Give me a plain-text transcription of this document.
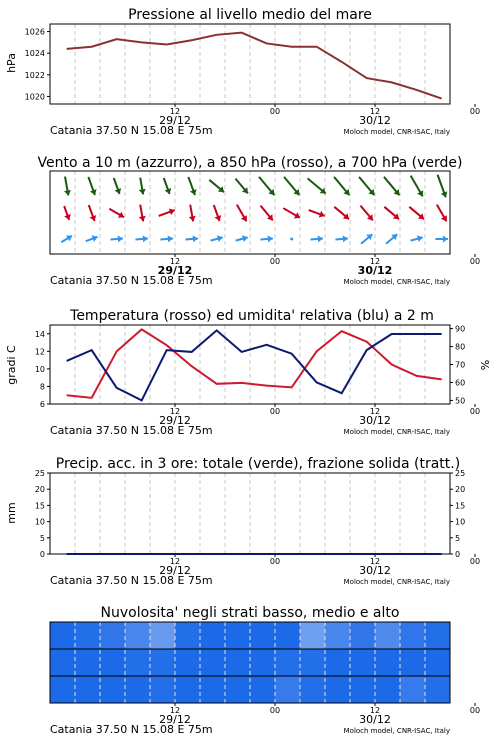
Pressione al livello medio del mare
hPa
12	00	12	00
29/12	30/12
Catania 37.50 N 15.08 E 75m	Moloch model, CNR-ISAC, Italy
1020
1022
1024
1026
Vento a 10 m (azzurro), a 850 hPa (rosso), a 700 hPa (verde)
12	00	12	00
29/12	30/12
Catania 37.50 N 15.08 E 75m	Moloch model, CNR-ISAC, Italy
Temperatura (rosso) ed umidita' relativa (blu) a 2 m
gradi C	%
12	00	12	00
29/12	30/12
Catania 37.50 N 15.08 E 75m	Moloch model, CNR-ISAC, Italy
6
8
10
12
14
50
60
70
80
90
Precip. acc. in 3 ore: totale (verde), frazione solida (tratt.)
mm
12	00	12	00
29/12	30/12
Catania 37.50 N 15.08 E 75m	Moloch model, CNR-ISAC, Italy
0
5
10
15
20
25
0
5
10
15
20
25
Nuvolosita' negli strati basso, medio e alto
12	00	12	00
29/12	30/12
Catania 37.50 N 15.08 E 75m	Moloch model, CNR-ISAC, Italy
